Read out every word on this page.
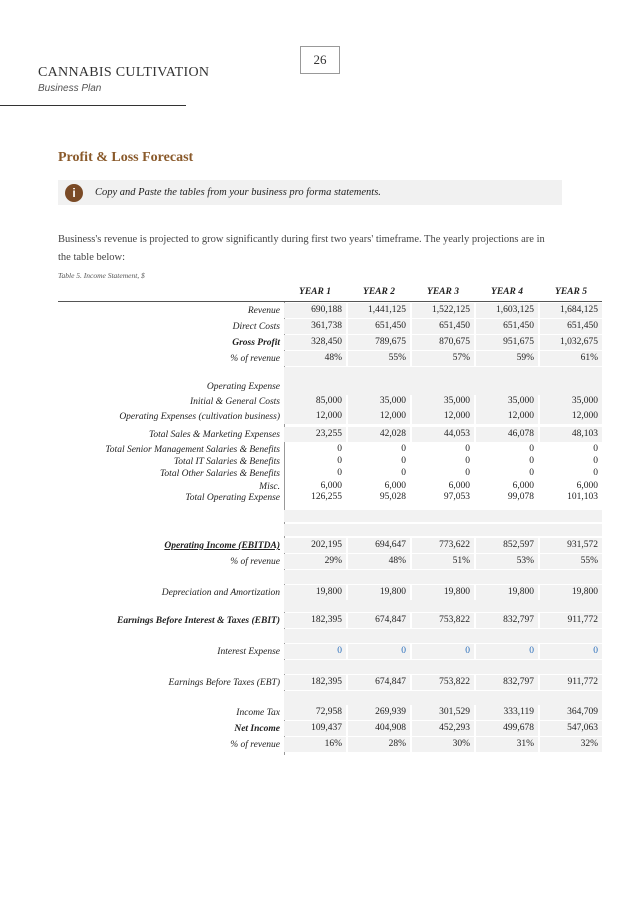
26
CANNABIS CULTIVATION
Business Plan
Profit & Loss Forecast
i	Copy and Paste the tables from your business pro forma statements.
Business's revenue is projected to grow significantly during first two years' timeframe. The yearly projections are in the table below:
Table 5. Income Statement, $
YEAR 1	YEAR 2	YEAR 3	YEAR 4	YEAR 5
Revenue	690,188	1,441,125	1,522,125	1,603,125	1,684,125
Direct Costs	361,738	651,450	651,450	651,450	651,450
Gross Profit	328,450	789,675	870,675	951,675	1,032,675
% of revenue	48%	55%	57%	59%	61%
Operating Expense
Initial & General Costs	85,000	35,000	35,000	35,000	35,000
Operating Expenses (cultivation business)	12,000	12,000	12,000	12,000	12,000
Total Sales & Marketing Expenses	23,255	42,028	44,053	46,078	48,103
Total Senior Management Salaries & Benefits	0	0	0	0	0
Total IT Salaries & Benefits	0	0	0	0	0
Total Other Salaries & Benefits	0	0	0	0	0
Misc.	6,000	6,000	6,000	6,000	6,000
Total Operating Expense	126,255	95,028	97,053	99,078	101,103
Operating Income (EBITDA)	202,195	694,647	773,622	852,597	931,572
% of revenue	29%	48%	51%	53%	55%
Depreciation and Amortization	19,800	19,800	19,800	19,800	19,800
Earnings Before Interest & Taxes (EBIT)	182,395	674,847	753,822	832,797	911,772
Interest Expense	0	0	0	0	0
Earnings Before Taxes (EBT)	182,395	674,847	753,822	832,797	911,772
Income Tax	72,958	269,939	301,529	333,119	364,709
Net Income	109,437	404,908	452,293	499,678	547,063
% of revenue	16%	28%	30%	31%	32%
